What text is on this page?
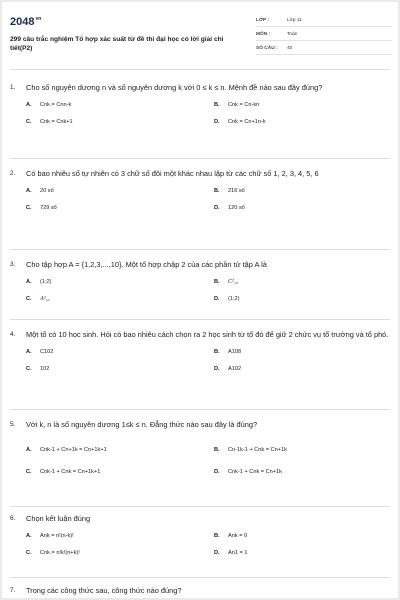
$2048^{vn}$
299 câu trắc nghiệm Tổ hợp xác suất từ đề thi đại học có lời giải chi tiết(P2)
LỚP :	Lớp 11
MÔN :	Toán
SỐ CÂU :	40
1.	Cho số nguyên dương n và số nguyên dương k với 0 ≤ k ≤ n. Mệnh đề nào sau đây đúng?
A.	Cnk = Cnn-k	B.	Cnk = Cn-kn
C.	Cnk = Cnk+1	D.	Cnk = Cn+1n-k
2.	Có bao nhiêu số tự nhiên có 3 chữ số đôi một khác nhau lập từ các chữ số 1, 2, 3, 4, 5, 6
A.	20 số	B.	216 số
C.	729 số	D.	120 số
3.	Cho tập hợp A = {1,2,3,...,10}. Một tổ hợp chập 2 của các phần tử tập A là
A.	(1;2)	B.	C²₁₀
C.	A²₁₀	D.	(1;2)
4.	Một tổ có 10 học sinh. Hỏi có bao nhiêu cách chọn ra 2 học sinh từ tổ đó để giữ 2 chức vụ tổ trưởng và tổ phó.
A.	C102	B.	A108
C.	102	D.	A102
5.	Với k, n là số nguyên dương 1≤k ≤ n. Đẳng thức nào sau đây là đúng?
A.	Cnk-1 + Cn+1k = Cn+1k+1	B.	Cn-1k-1 + Cnk = Cn+1k
C.	Cnk-1 + Cnk = Cn+1k+1	D.	Cnk-1 + Cnk = Cn+1k
6.	Chọn kết luận đúng
A.	Ank = n!(n-k)!	B.	Ank = 0
C.	Cnk = n!k!(n+k)!	D.	An1 = 1
7.	Trong các công thức sau, công thức nào đúng?
